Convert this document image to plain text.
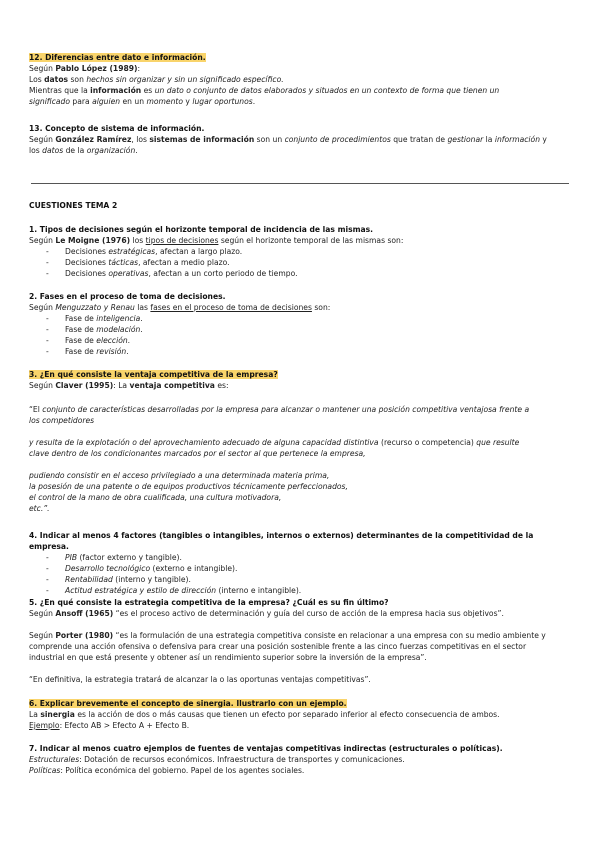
12. Diferencias entre dato e información.

Según Pablo López (1989):

Los datos son hechos sin organizar y sin un significado específico.

Mientras que la información es un dato o conjunto de datos elaborados y situados en un contexto de forma que tienen un

significado para alguien en un momento y lugar oportunos.

13. Concepto de sistema de información.

Según González Ramírez, los sistemas de información son un conjunto de procedimientos que tratan de gestionar la información y

los datos de la organización.

CUESTIONES TEMA 2

1. Tipos de decisiones según el horizonte temporal de incidencia de las mismas.

Según Le Moigne (1976) los tipos de decisiones según el horizonte temporal de las mismas son:

- Decisiones estratégicas, afectan a largo plazo.
- Decisiones tácticas, afectan a medio plazo.
- Decisiones operativas, afectan a un corto periodo de tiempo.

2. Fases en el proceso de toma de decisiones.

Según Menguzzato y Renau las fases en el proceso de toma de decisiones son:

- Fase de inteligencia.
- Fase de modelación.
- Fase de elección.
- Fase de revisión.

3. ¿En qué consiste la ventaja competitiva de la empresa?

Según Claver (1995): La ventaja competitiva es:

“El conjunto de características desarrolladas por la empresa para alcanzar o mantener una posición competitiva ventajosa frente a

los competidores

y resulta de la explotación o del aprovechamiento adecuado de alguna capacidad distintiva (recurso o competencia) que resulte

clave dentro de los condicionantes marcados por el sector al que pertenece la empresa,

pudiendo consistir en el acceso privilegiado a una determinada materia prima,

la posesión de una patente o de equipos productivos técnicamente perfeccionados,

el control de la mano de obra cualificada, una cultura motivadora,

etc.”.

4. Indicar al menos 4 factores (tangibles o intangibles, internos o externos) determinantes de la competitividad de la empresa.

- PIB (factor externo y tangible).
- Desarrollo tecnológico (externo e intangible).
- Rentabilidad (interno y tangible).
- Actitud estratégica y estilo de dirección (interno e intangible).

5. ¿En qué consiste la estrategia competitiva de la empresa? ¿Cuál es su fin último?

Según Ansoff (1965) “es el proceso activo de determinación y guía del curso de acción de la empresa hacia sus objetivos”.

Según Porter (1980) “es la formulación de una estrategia competitiva consiste en relacionar a una empresa con su medio ambiente y

comprende una acción ofensiva o defensiva para crear una posición sostenible frente a las cinco fuerzas competitivas en el sector

industrial en que está presente y obtener así un rendimiento superior sobre la inversión de la empresa”.

“En definitiva, la estrategia tratará de alcanzar la o las oportunas ventajas competitivas”.

6. Explicar brevemente el concepto de sinergia. Ilustrarlo con un ejemplo.

La sinergia es la acción de dos o más causas que tienen un efecto por separado inferior al efecto consecuencia de ambos.

Ejemplo: Efecto AB > Efecto A + Efecto B.

7. Indicar al menos cuatro ejemplos de fuentes de ventajas competitivas indirectas (estructurales o políticas).

Estructurales: Dotación de recursos económicos. Infraestructura de transportes y comunicaciones.

Políticas: Política económica del gobierno. Papel de los agentes sociales.
